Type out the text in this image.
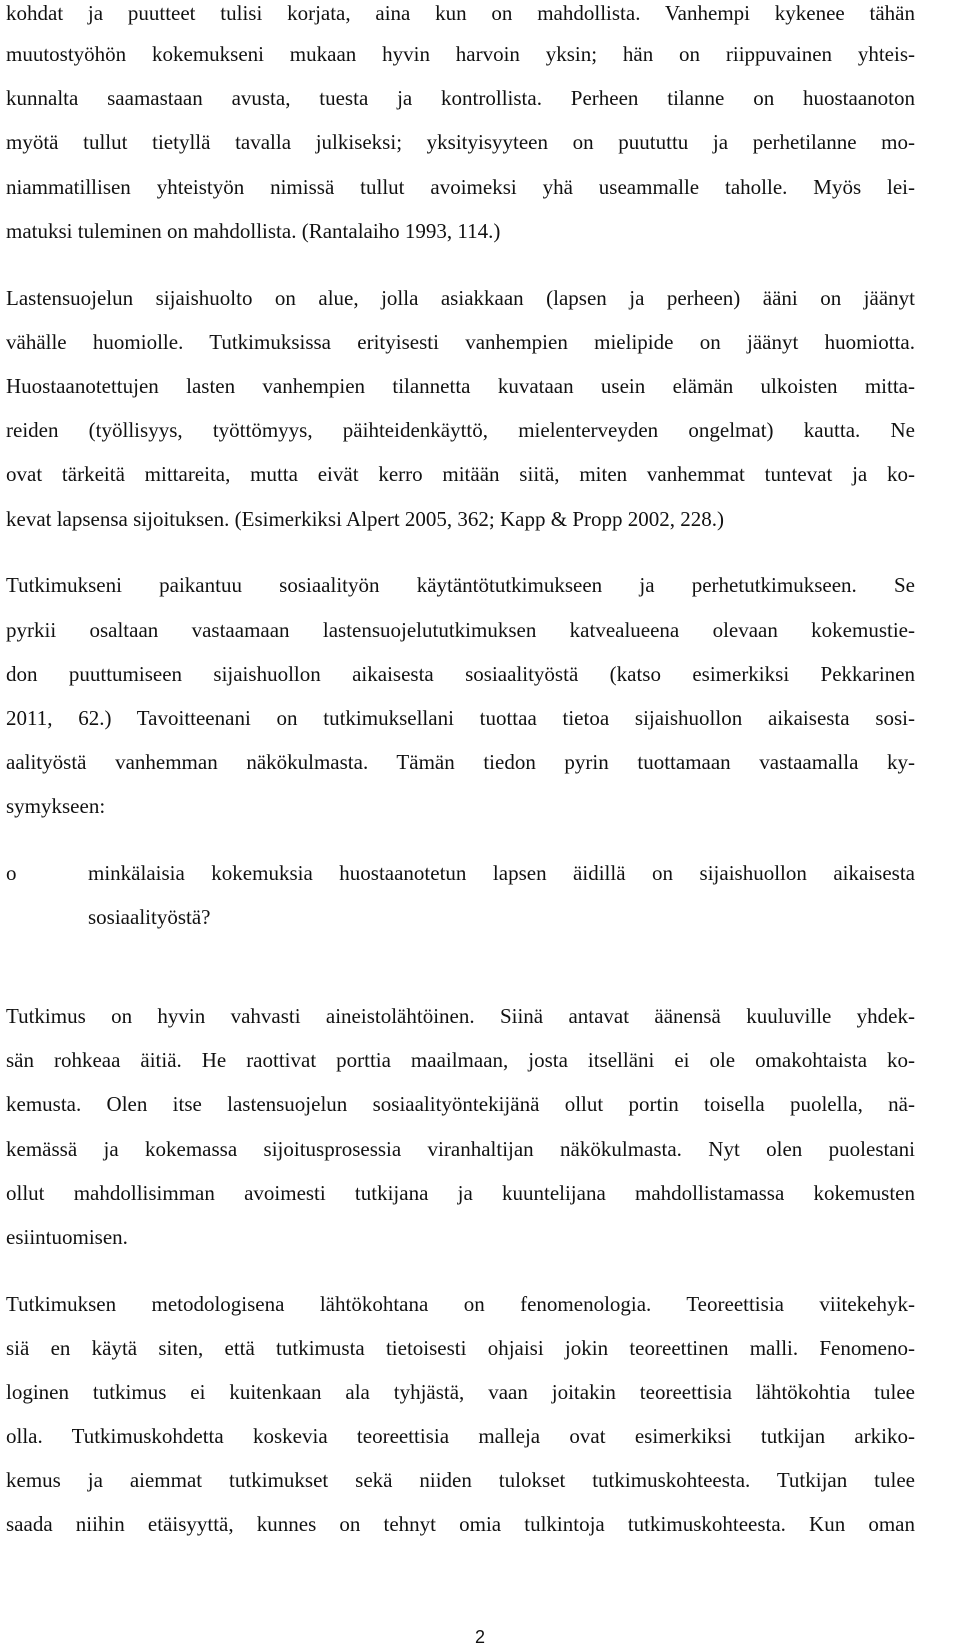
kohdat ja puutteet tulisi korjata, aina kun on mahdollista. Vanhempi kykenee tähän

muutostyöhön kokemukseni mukaan hyvin harvoin yksin; hän on riippuvainen yhteis-

kunnalta saamastaan avusta, tuesta ja kontrollista. Perheen tilanne on huostaanoton

myötä tullut tietyllä tavalla julkiseksi; yksityisyyteen on puututtu ja perhetilanne mo-

niammatillisen yhteistyön nimissä tullut avoimeksi yhä useammalle taholle. Myös lei-

matuksi tuleminen on mahdollista. (Rantalaiho 1993, 114.)

Lastensuojelun sijaishuolto on alue, jolla asiakkaan (lapsen ja perheen) ääni on jäänyt

vähälle huomiolle. Tutkimuksissa erityisesti vanhempien mielipide on jäänyt huomiotta.

Huostaanotettujen lasten vanhempien tilannetta kuvataan usein elämän ulkoisten mitta-

reiden (työllisyys, työttömyys, päihteidenkäyttö, mielenterveyden ongelmat) kautta. Ne

ovat tärkeitä mittareita, mutta eivät kerro mitään siitä, miten vanhemmat tuntevat ja ko-

kevat lapsensa sijoituksen. (Esimerkiksi Alpert 2005, 362; Kapp & Propp 2002, 228.)

Tutkimukseni paikantuu sosiaalityön käytäntötutkimukseen ja perhetutkimukseen. Se

pyrkii osaltaan vastaamaan lastensuojelututkimuksen katvealueena olevaan kokemustie-

don puuttumiseen sijaishuollon aikaisesta sosiaalityöstä (katso esimerkiksi Pekkarinen

2011, 62.) Tavoitteenani on tutkimuksellani tuottaa tietoa sijaishuollon aikaisesta sosi-

aalityöstä vanhemman näkökulmasta. Tämän tiedon pyrin tuottamaan vastaamalla ky-

symykseen:

o	minkälaisia kokemuksia huostaanotetun lapsen äidillä on sijaishuollon aikaisesta

sosiaalityöstä?

Tutkimus on hyvin vahvasti aineistolähtöinen. Siinä antavat äänensä kuuluville yhdek-

sän rohkeaa äitiä. He raottivat porttia maailmaan, josta itselläni ei ole omakohtaista ko-

kemusta. Olen itse lastensuojelun sosiaalityöntekijänä ollut portin toisella puolella, nä-

kemässä ja kokemassa sijoitusprosessia viranhaltijan näkökulmasta. Nyt olen puolestani

ollut mahdollisimman avoimesti tutkijana ja kuuntelijana mahdollistamassa kokemusten

esiintuomisen.

Tutkimuksen metodologisena lähtökohtana on fenomenologia. Teoreettisia viitekehyk-

siä en käytä siten, että tutkimusta tietoisesti ohjaisi jokin teoreettinen malli. Fenomeno-

loginen tutkimus ei kuitenkaan ala tyhjästä, vaan joitakin teoreettisia lähtökohtia tulee

olla. Tutkimuskohdetta koskevia teoreettisia malleja ovat esimerkiksi tutkijan arkiko-

kemus ja aiemmat tutkimukset sekä niiden tulokset tutkimuskohteesta. Tutkijan tulee

saada niihin etäisyyttä, kunnes on tehnyt omia tulkintoja tutkimuskohteesta. Kun oman

2
